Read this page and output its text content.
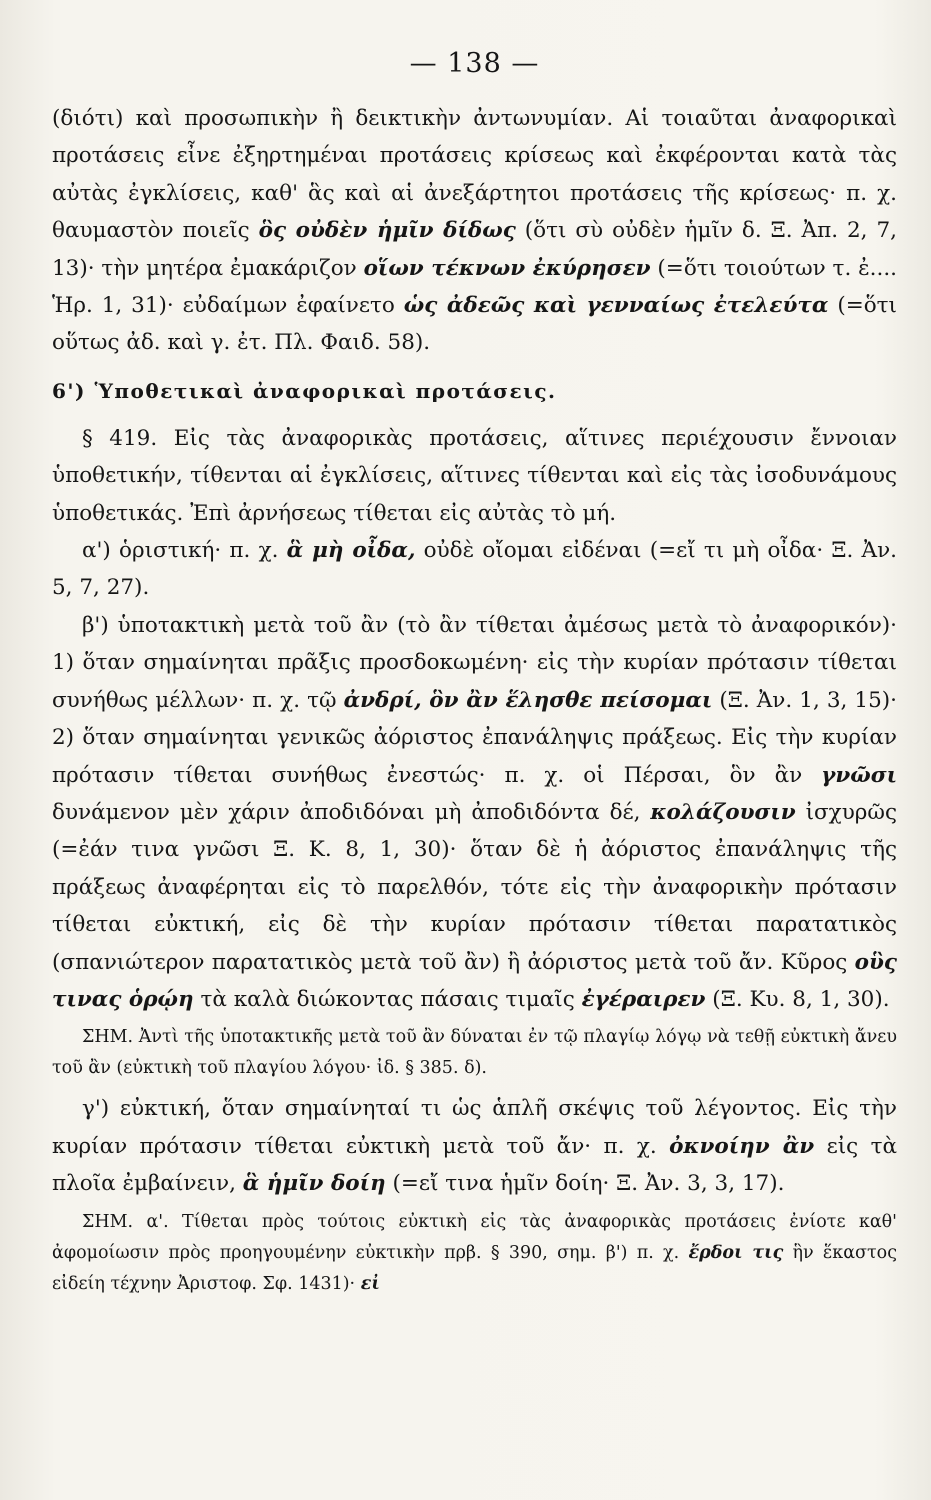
— 138 —

(διότι) καὶ προσωπικὴν ἢ δεικτικὴν ἀντωνυμίαν. Αἱ τοιαῦται ἀναφορικαὶ προτάσεις εἶνε ἐξηρτημέναι προτάσεις κρίσεως καὶ ἐκφέρονται κατὰ τὰς αὐτὰς ἐγκλίσεις, καθ' ἃς καὶ αἱ ἀνεξάρτητοι προτάσεις τῆς κρίσεως· π. χ. θαυμαστὸν ποιεῖς ὃς οὐδὲν ἡμῖν δίδως (ὅτι σὺ οὐδὲν ἡμῖν δ. Ξ. Ἀπ. 2, 7, 13)· τὴν μητέρα ἐμακάριζον οἵων τέκνων ἐκύρησεν (=ὅτι τοιούτων τ. ἐ.... Ἡρ. 1, 31)· εὐδαίμων ἐφαίνετο ὡς ἀδεῶς καὶ γενναίως ἐτελεύτα (=ὅτι οὕτως ἀδ. καὶ γ. ἐτ. Πλ. Φαιδ. 58).

6') Ὑποθετικαὶ ἀναφορικαὶ προτάσεις.

§ 419. Εἰς τὰς ἀναφορικὰς προτάσεις, αἵτινες περιέχουσιν ἔννοιαν ὑποθετικήν, τίθενται αἱ ἐγκλίσεις, αἵτινες τίθενται καὶ εἰς τὰς ἰσοδυνάμους ὑποθετικάς. Ἐπὶ ἀρνήσεως τίθεται εἰς αὐτὰς τὸ μή.

α') ὁριστική· π. χ. ἃ μὴ οἶδα, οὐδὲ οἴομαι εἰδέναι (=εἴ τι μὴ οἶδα· Ξ. Ἀν. 5, 7, 27).

β') ὑποτακτικὴ μετὰ τοῦ ἂν (τὸ ἂν τίθεται ἀμέσως μετὰ τὸ ἀναφορικόν)· 1) ὅταν σημαίνηται πρᾶξις προσδοκωμένη· εἰς τὴν κυρίαν πρότασιν τίθεται συνήθως μέλλων· π. χ. τῷ ἀνδρί, ὃν ἂν ἕλησθε πείσομαι (Ξ. Ἀν. 1, 3, 15)· 2) ὅταν σημαίνηται γενικῶς ἀόριστος ἐπανάληψις πράξεως. Εἰς τὴν κυρίαν πρότασιν τίθεται συνήθως ἐνεστώς· π. χ. οἱ Πέρσαι, ὃν ἂν γνῶσι δυνάμενον μὲν χάριν ἀποδιδόναι μὴ ἀποδιδόντα δέ, κολάζουσιν ἰσχυρῶς (=ἐάν τινα γνῶσι Ξ. Κ. 8, 1, 30)· ὅταν δὲ ἡ ἀόριστος ἐπανάληψις τῆς πράξεως ἀναφέρηται εἰς τὸ παρελθόν, τότε εἰς τὴν ἀναφορικὴν πρότασιν τίθεται εὐκτική, εἰς δὲ τὴν κυρίαν πρότασιν τίθεται παρατατικὸς (σπανιώτερον παρατατικὸς μετὰ τοῦ ἂν) ἢ ἀόριστος μετὰ τοῦ ἄν. Κῦρος οὓς τινας ὁρῴη τὰ καλὰ διώκοντας πάσαις τιμαῖς ἐγέραιρεν (Ξ. Κυ. 8, 1, 30).

ΣΗΜ. Ἀντὶ τῆς ὑποτακτικῆς μετὰ τοῦ ἂν δύναται ἐν τῷ πλαγίῳ λόγῳ νὰ τεθῇ εὐκτικὴ ἄνευ τοῦ ἂν (εὐκτικὴ τοῦ πλαγίου λόγου· ἰδ. § 385. δ).

γ') εὐκτική, ὅταν σημαίνηταί τι ὡς ἁπλῆ σκέψις τοῦ λέγοντος. Εἰς τὴν κυρίαν πρότασιν τίθεται εὐκτικὴ μετὰ τοῦ ἄν· π. χ. ὀκνοίην ἂν εἰς τὰ πλοῖα ἐμβαίνειν, ἃ ἡμῖν δοίη (=εἴ τινα ἡμῖν δοίη· Ξ. Ἀν. 3, 3, 17).

ΣΗΜ. α'. Τίθεται πρὸς τούτοις εὐκτικὴ εἰς τὰς ἀναφορικὰς προτάσεις ἐνίοτε καθ' ἀφομοίωσιν πρὸς προηγουμένην εὐκτικὴν πρβ. § 390, σημ. β') π. χ. ἔρδοι τις ἣν ἕκαστος εἰδείη τέχνην Ἀριστοφ. Σφ. 1431)· εἰ
